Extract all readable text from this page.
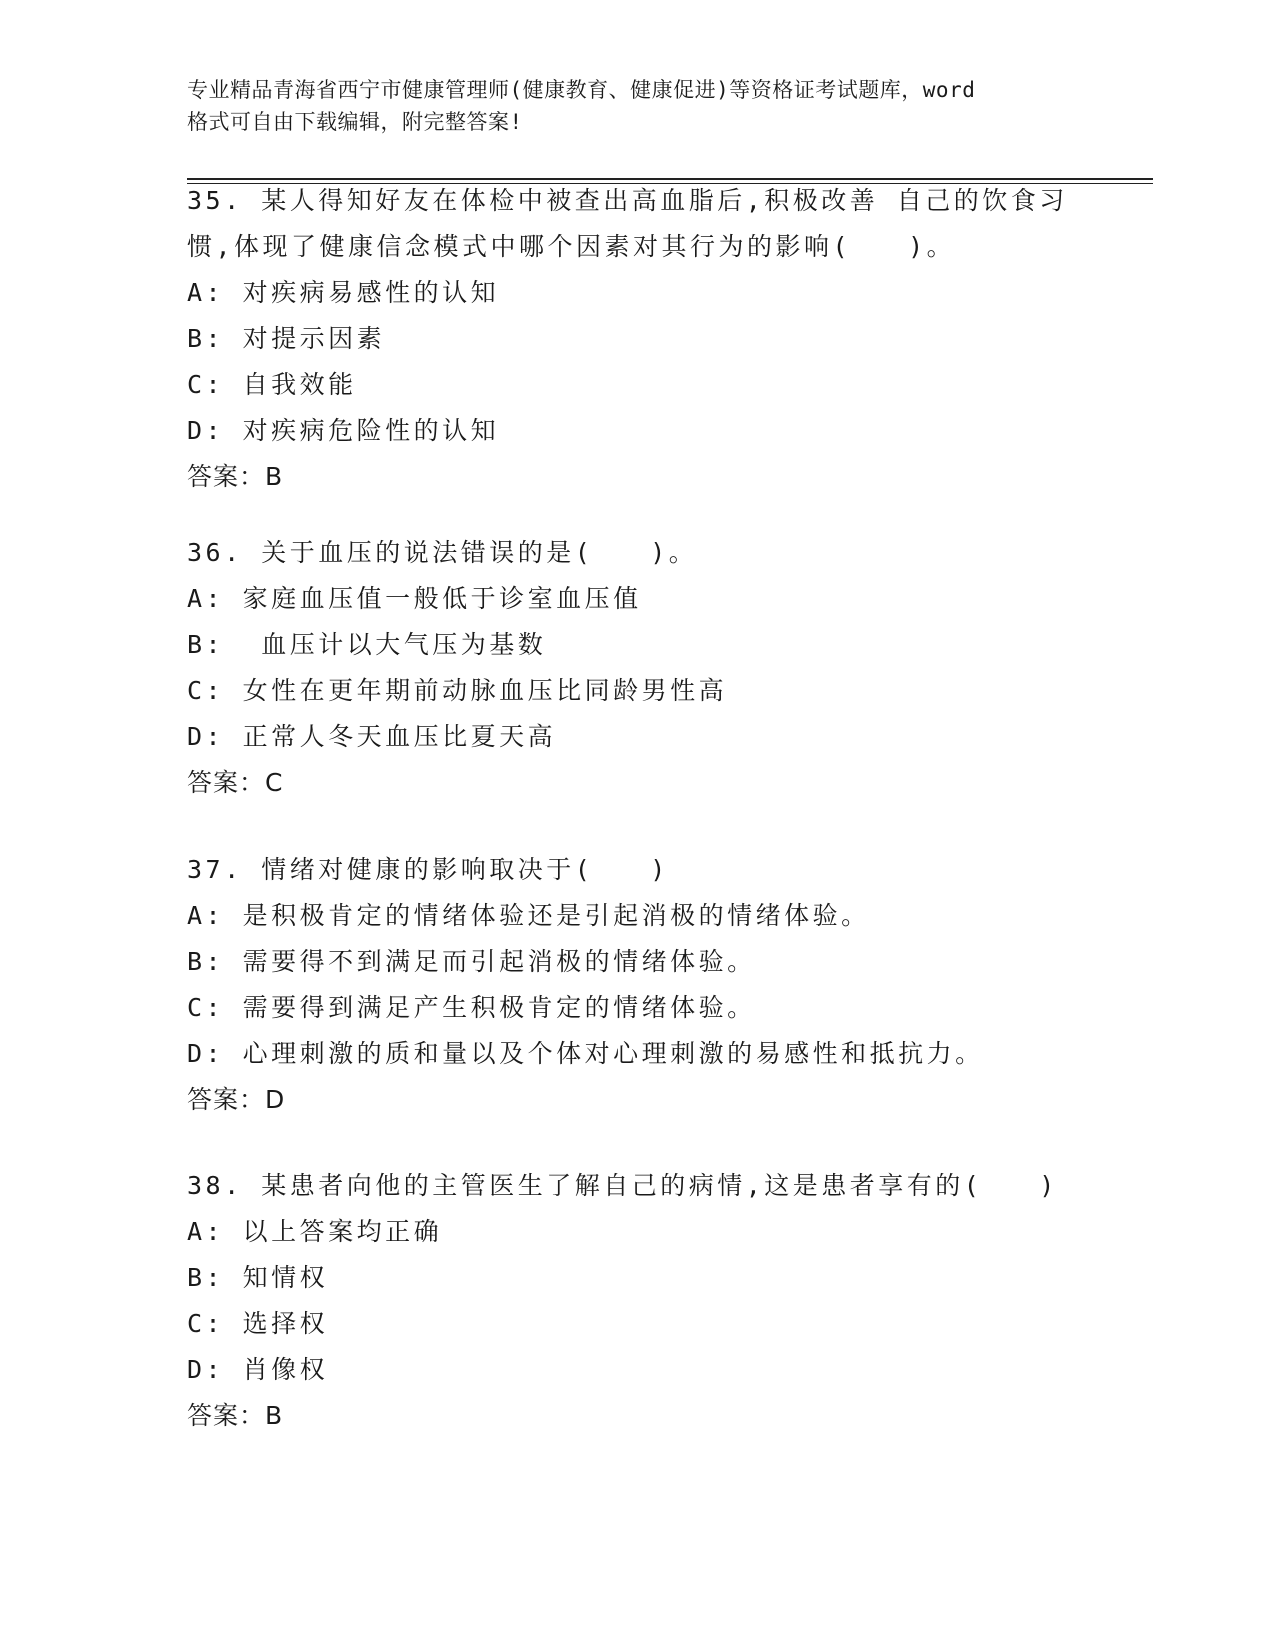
专业精品青海省西宁市健康管理师(健康教育、健康促进)等资格证考试题库，word
格式可自由下载编辑，附完整答案!

35. 某人得知好友在体检中被查出高血脂后,积极改善 自己的饮食习

惯,体现了健康信念模式中哪个因素对其行为的影响(　　)。

A: 对疾病易感性的认知

B: 对提示因素

C: 自我效能

D: 对疾病危险性的认知

答案：B

36. 关于血压的说法错误的是(　　)。

A: 家庭血压值一般低于诊室血压值

B:  血压计以大气压为基数

C: 女性在更年期前动脉血压比同龄男性高

D: 正常人冬天血压比夏天高

答案：C

37. 情绪对健康的影响取决于(　　)

A: 是积极肯定的情绪体验还是引起消极的情绪体验。

B: 需要得不到满足而引起消极的情绪体验。

C: 需要得到满足产生积极肯定的情绪体验。

D: 心理刺激的质和量以及个体对心理刺激的易感性和抵抗力。

答案：D

38. 某患者向他的主管医生了解自己的病情,这是患者享有的(　　)

A: 以上答案均正确

B: 知情权

C: 选择权

D: 肖像权

答案：B
